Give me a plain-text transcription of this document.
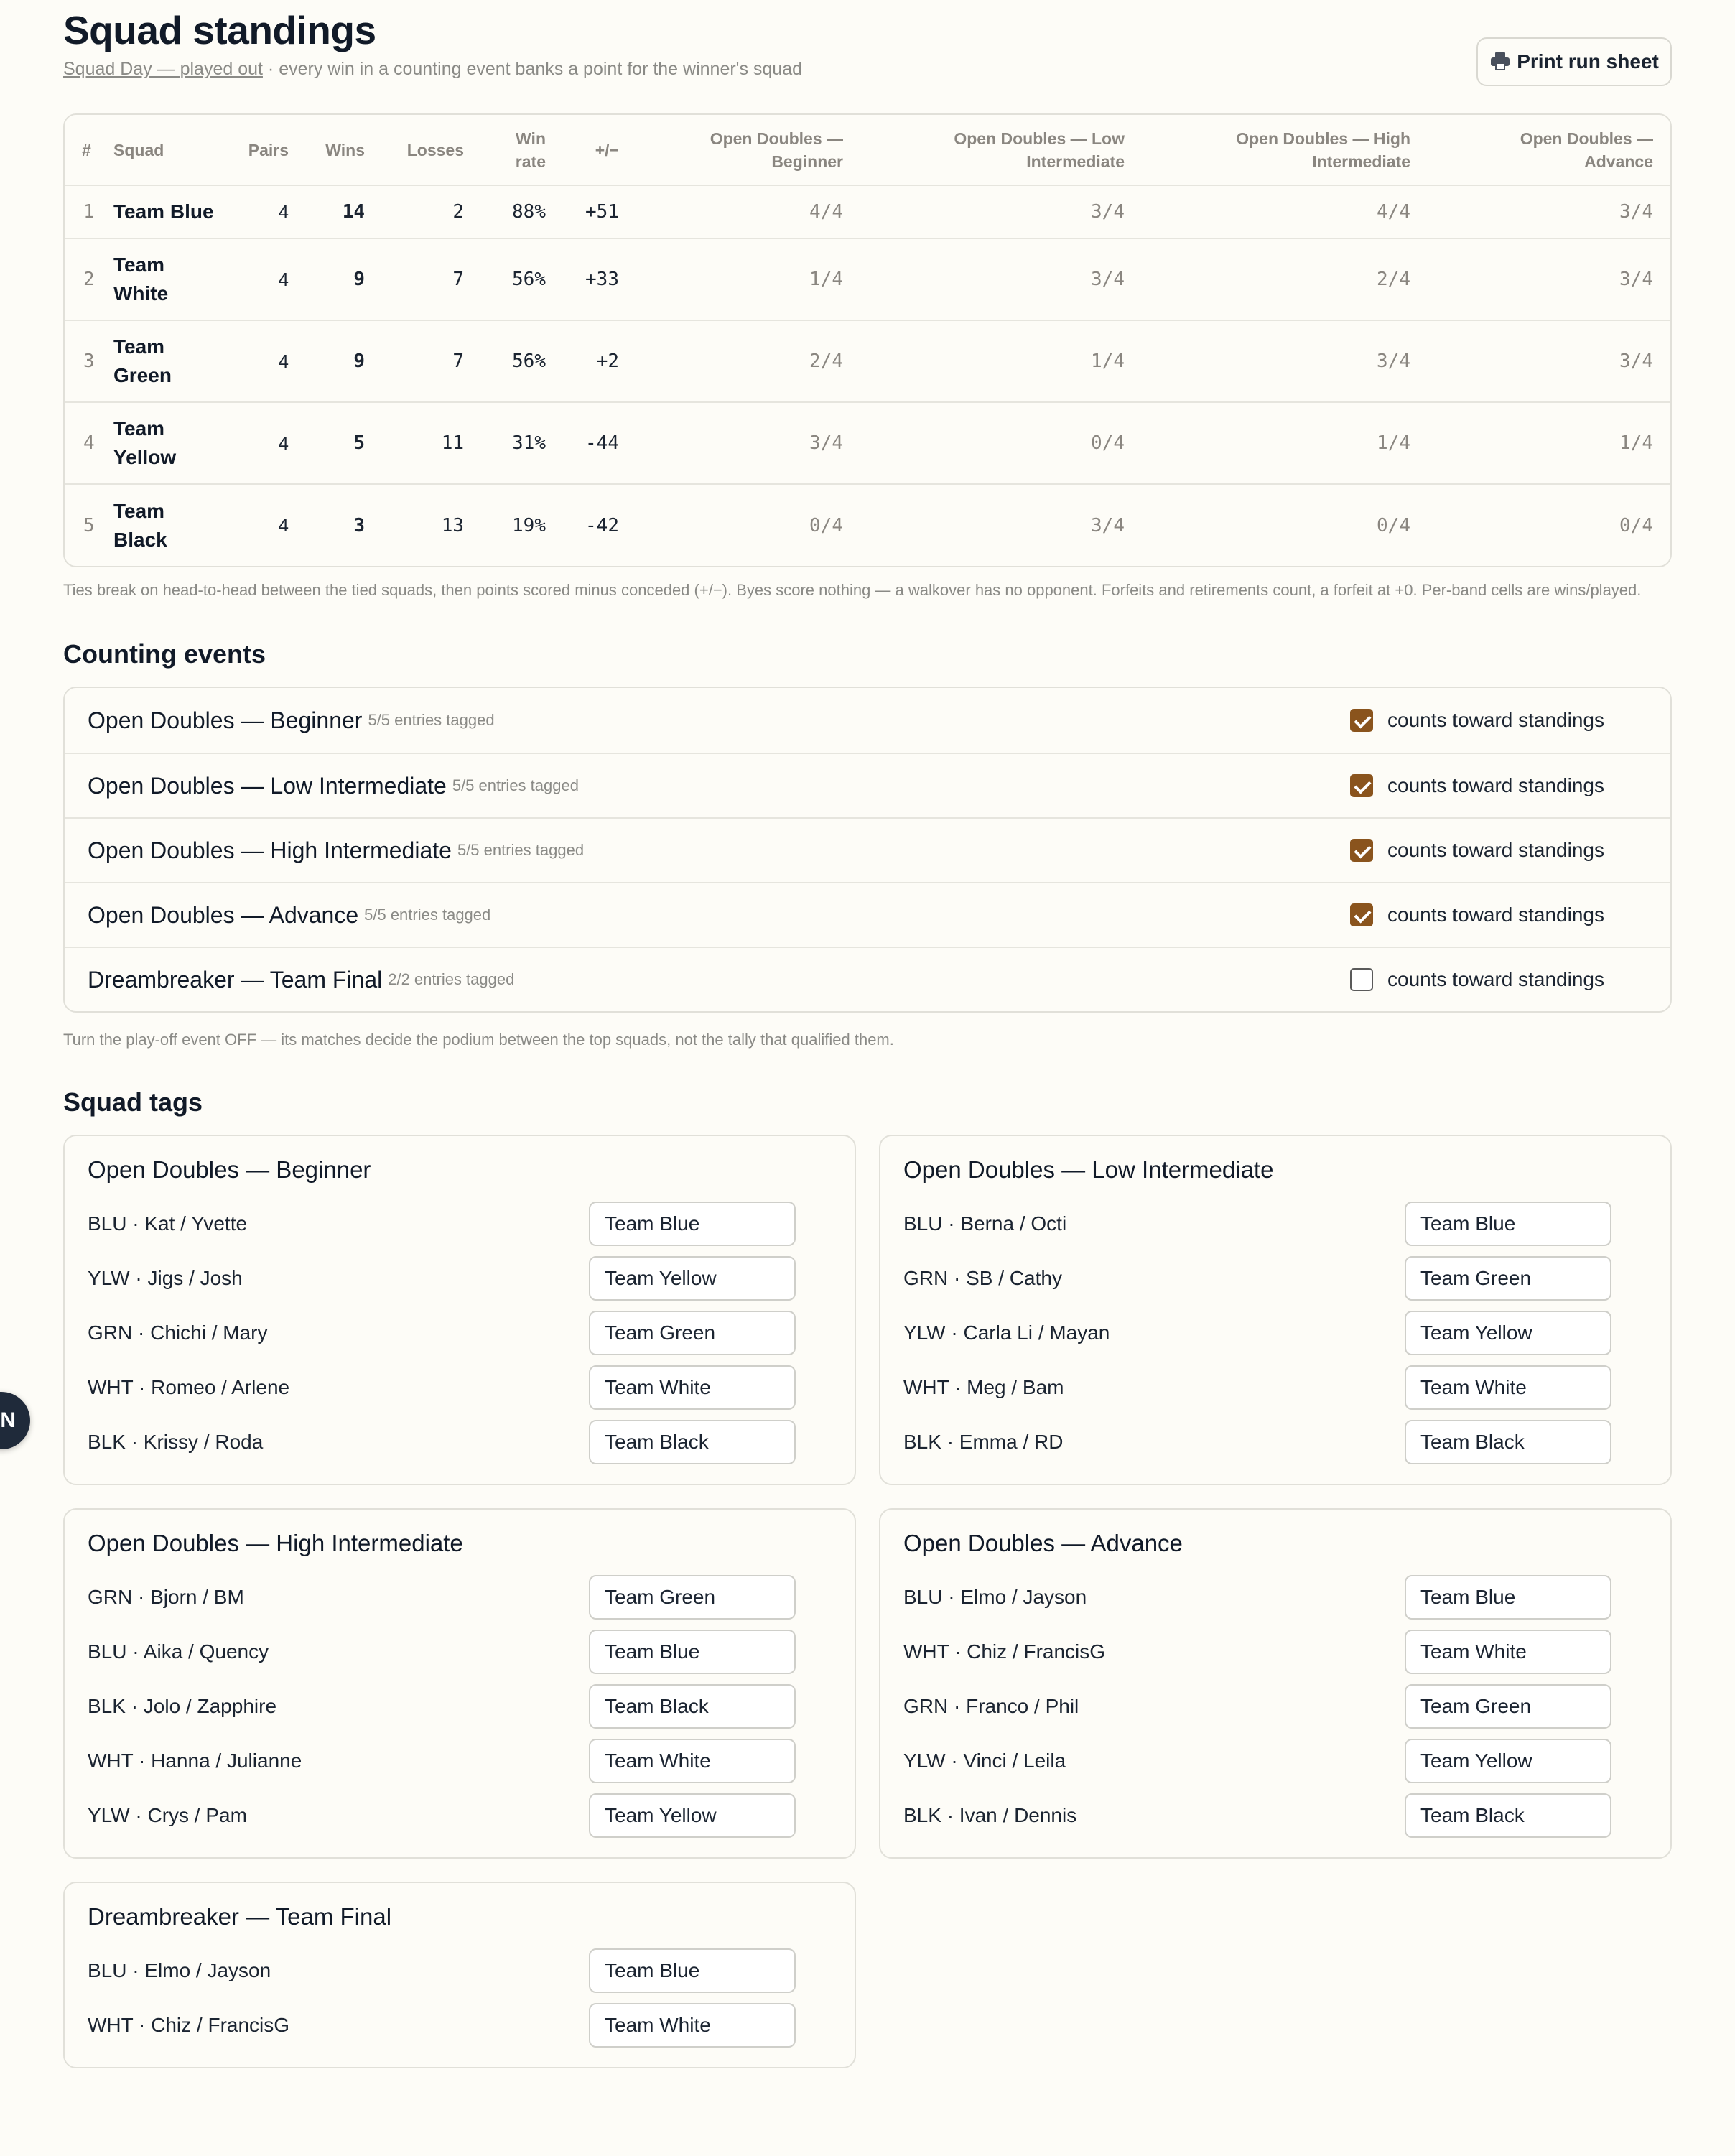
Squad standings
Squad Day — played out · every win in a counting event banks a point for the winner's squad	Print run sheet
#	Squad	Pairs	Wins	Losses	Win rate	+/−	Open Doubles — Beginner	Open Doubles — Low Intermediate	Open Doubles — High Intermediate	Open Doubles — Advance
1	Team Blue	4	14	2	88%	+51	4/4	3/4	4/4	3/4
2	Team White	4	9	7	56%	+33	1/4	3/4	2/4	3/4
3	Team Green	4	9	7	56%	+2	2/4	1/4	3/4	3/4
4	Team Yellow	4	5	11	31%	-44	3/4	0/4	1/4	1/4
5	Team Black	4	3	13	19%	-42	0/4	3/4	0/4	0/4

Ties break on head-to-head between the tied squads, then points scored minus conceded (+/−). Byes score nothing — a walkover has no opponent. Forfeits and retirements count, a forfeit at +0. Per-band cells are wins/played.

Counting events
Open Doubles — Beginner 5/5 entries tagged	counts toward standings
Open Doubles — Low Intermediate 5/5 entries tagged	counts toward standings
Open Doubles — High Intermediate 5/5 entries tagged	counts toward standings
Open Doubles — Advance 5/5 entries tagged	counts toward standings
Dreambreaker — Team Final 2/2 entries tagged	counts toward standings

Turn the play-off event OFF — its matches decide the podium between the top squads, not the tally that qualified them.

Squad tags
Open Doubles — Beginner
BLU · Kat / Yvette	Team Blue
YLW · Jigs / Josh	Team Yellow
GRN · Chichi / Mary	Team Green
WHT · Romeo / Arlene	Team White
BLK · Krissy / Roda	Team Black
Open Doubles — Low Intermediate
BLU · Berna / Octi	Team Blue
GRN · SB / Cathy	Team Green
YLW · Carla Li / Mayan	Team Yellow
WHT · Meg / Bam	Team White
BLK · Emma / RD	Team Black
Open Doubles — High Intermediate
GRN · Bjorn / BM	Team Green
BLU · Aika / Quency	Team Blue
BLK · Jolo / Zapphire	Team Black
WHT · Hanna / Julianne	Team White
YLW · Crys / Pam	Team Yellow
Open Doubles — Advance
BLU · Elmo / Jayson	Team Blue
WHT · Chiz / FrancisG	Team White
GRN · Franco / Phil	Team Green
YLW · Vinci / Leila	Team Yellow
BLK · Ivan / Dennis	Team Black
Dreambreaker — Team Final
BLU · Elmo / Jayson	Team Blue
WHT · Chiz / FrancisG	Team White
N
